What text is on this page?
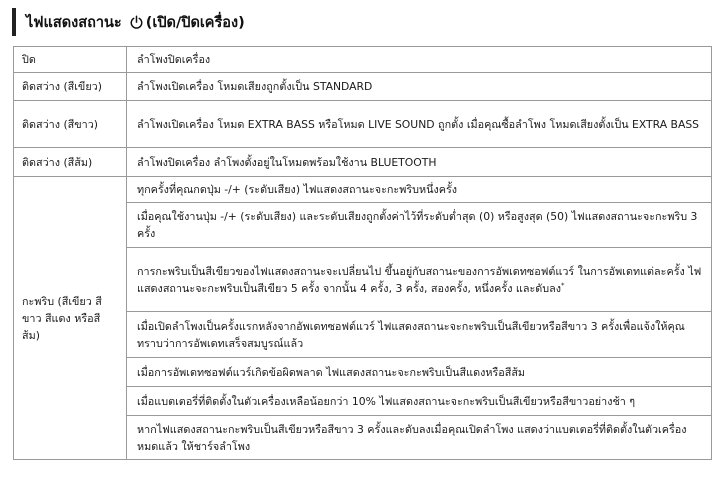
ไฟแสดงสถานะ (เปิด/ปิดเครื่อง)
ปิด	ลำโพงปิดเครื่อง
ติดสว่าง (สีเขียว)	ลำโพงเปิดเครื่อง โหมดเสียงถูกตั้งเป็น STANDARD
ติดสว่าง (สีขาว)	ลำโพงเปิดเครื่อง โหมด EXTRA BASS หรือโหมด LIVE SOUND ถูกตั้ง เมื่อคุณซื้อลำโพง โหมดเสียงตั้งเป็น EXTRA BASS
ติดสว่าง (สีส้ม)	ลำโพงปิดเครื่อง ลำโพงตั้งอยู่ในโหมดพร้อมใช้งาน BLUETOOTH
กะพริบ (สีเขียว สีขาว สีแดง หรือสีส้ม)	ทุกครั้งที่คุณกดปุ่ม -/+ (ระดับเสียง) ไฟแสดงสถานะจะกะพริบหนึ่งครั้ง
	เมื่อคุณใช้งานปุ่ม -/+ (ระดับเสียง) และระดับเสียงถูกตั้งค่าไว้ที่ระดับต่ำสุด (0) หรือสูงสุด (50) ไฟแสดงสถานะจะกะพริบ 3 ครั้ง
	การกะพริบเป็นสีเขียวของไฟแสดงสถานะจะเปลี่ยนไป ขึ้นอยู่กับสถานะของการอัพเดทซอฟต์แวร์ ในการอัพเดทแต่ละครั้ง ไฟแสดงสถานะจะกะพริบเป็นสีเขียว 5 ครั้ง จากนั้น 4 ครั้ง, 3 ครั้ง, สองครั้ง, หนึ่งครั้ง และดับลง*
	เมื่อเปิดลำโพงเป็นครั้งแรกหลังจากอัพเดทซอฟต์แวร์ ไฟแสดงสถานะจะกะพริบเป็นสีเขียวหรือสีขาว 3 ครั้งเพื่อแจ้งให้คุณทราบว่าการอัพเดทเสร็จสมบูรณ์แล้ว
	เมื่อการอัพเดทซอฟต์แวร์เกิดข้อผิดพลาด ไฟแสดงสถานะจะกะพริบเป็นสีแดงหรือสีส้ม
	เมื่อแบตเตอรี่ที่ติดตั้งในตัวเครื่องเหลือน้อยกว่า 10% ไฟแสดงสถานะจะกะพริบเป็นสีเขียวหรือสีขาวอย่างช้า ๆ
	หากไฟแสดงสถานะกะพริบเป็นสีเขียวหรือสีขาว 3 ครั้งและดับลงเมื่อคุณเปิดลำโพง แสดงว่าแบตเตอรี่ที่ติดตั้งในตัวเครื่องหมดแล้ว ให้ชาร์จลำโพง
